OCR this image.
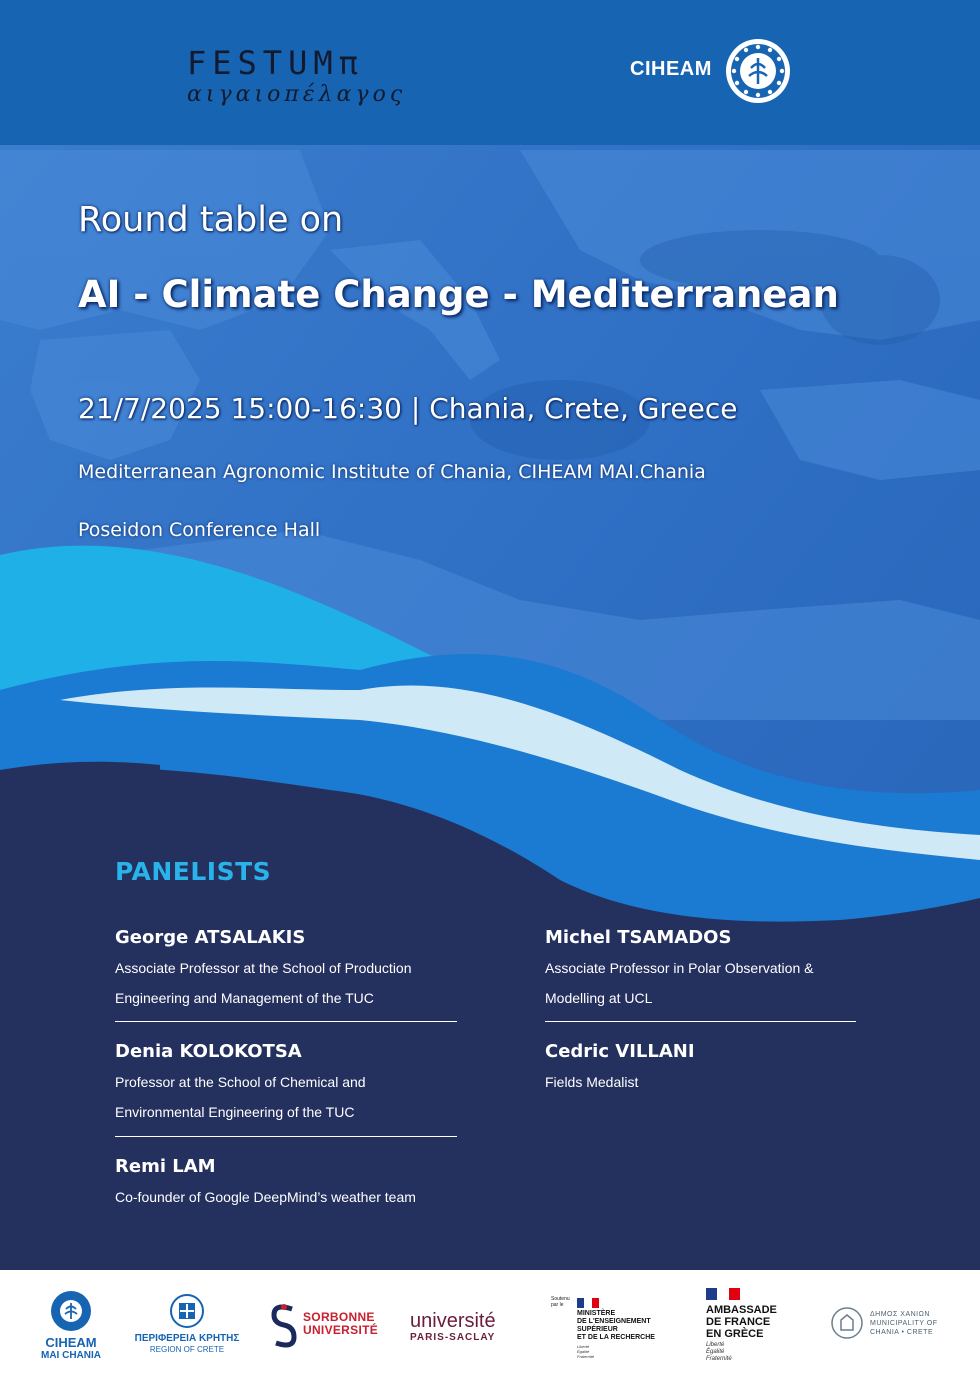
FESTUMπ
αιγαιοπέλαγος
CIHEAM
Round table on
AI - Climate Change - Mediterranean
21/7/2025 15:00-16:30 | Chania, Crete, Greece
Mediterranean Agronomic Institute of Chania, CIHEAM MAI.Chania
Poseidon Conference Hall
PANELISTS
George ATSALAKIS
Associate Professor at the School of Production
Engineering and Management of the TUC
Denia KOLOKOTSA
Professor at the School of Chemical and
Environmental Engineering of the TUC
Remi LAM
Co-founder of Google DeepMind’s weather team
Michel TSAMADOS
Associate Professor in Polar Observation &
Modelling at UCL
Cedric VILLANI
Fields Medalist
CIHEAM
MAI CHANIA
ΠΕΡΙΦΕΡΕΙΑ ΚΡΗΤΗΣ
REGION OF CRETE
SORBONNE
UNIVERSITÉ université
PARIS-SACLAY
Soutenu par le
MINISTÈRE
DE L'ENSEIGNEMENT
SUPÉRIEUR
ET DE LA RECHERCHE
Liberté
Égalité
Fraternité
AMBASSADE
DE FRANCE
EN GRÈCE
Liberté
Égalité
Fraternité
ΔΗΜΟΣ ΧΑΝΙΩΝ
MUNICIPALITY OF
CHANIA • CRETE
